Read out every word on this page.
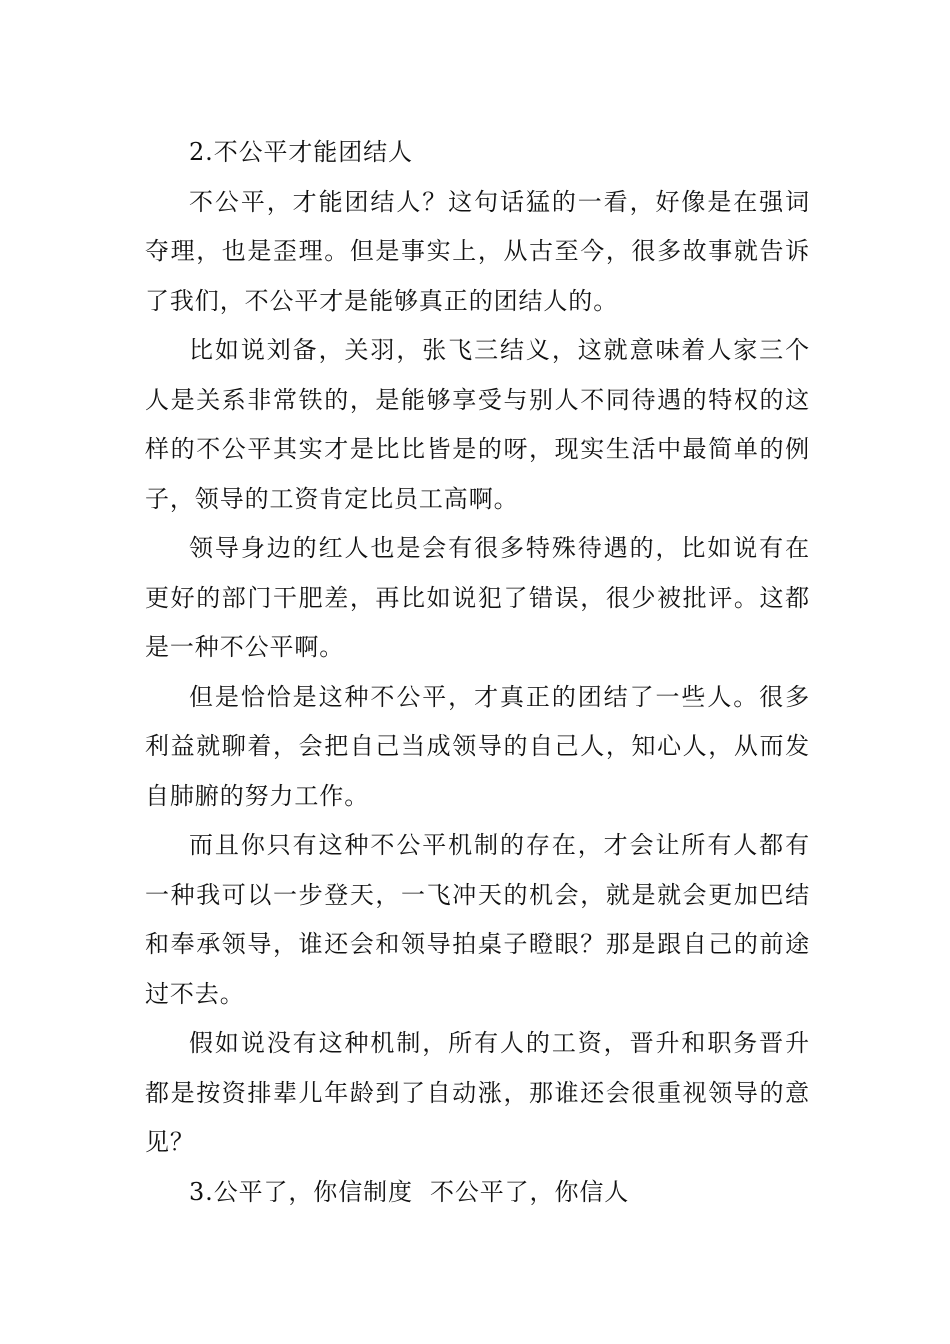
2.不公平才能团结人

不公平，才能团结人？这句话猛的一看，好像是在强词夺理，也是歪理。但是事实上，从古至今，很多故事就告诉了我们，不公平才是能够真正的团结人的。

比如说刘备，关羽，张飞三结义，这就意味着人家三个人是关系非常铁的，是能够享受与别人不同待遇的特权的这样的不公平其实才是比比皆是的呀，现实生活中最简单的例子，领导的工资肯定比员工高啊。

领导身边的红人也是会有很多特殊待遇的，比如说有在更好的部门干肥差，再比如说犯了错误，很少被批评。这都是一种不公平啊。

但是恰恰是这种不公平，才真正的团结了一些人。很多利益就聊着，会把自己当成领导的自己人，知心人，从而发自肺腑的努力工作。

而且你只有这种不公平机制的存在，才会让所有人都有一种我可以一步登天，一飞冲天的机会，就是就会更加巴结和奉承领导，谁还会和领导拍桌子瞪眼？那是跟自己的前途过不去。

假如说没有这种机制，所有人的工资，晋升和职务晋升都是按资排辈儿年龄到了自动涨，那谁还会很重视领导的意见？

3.公平了，你信制度  不公平了，你信人
